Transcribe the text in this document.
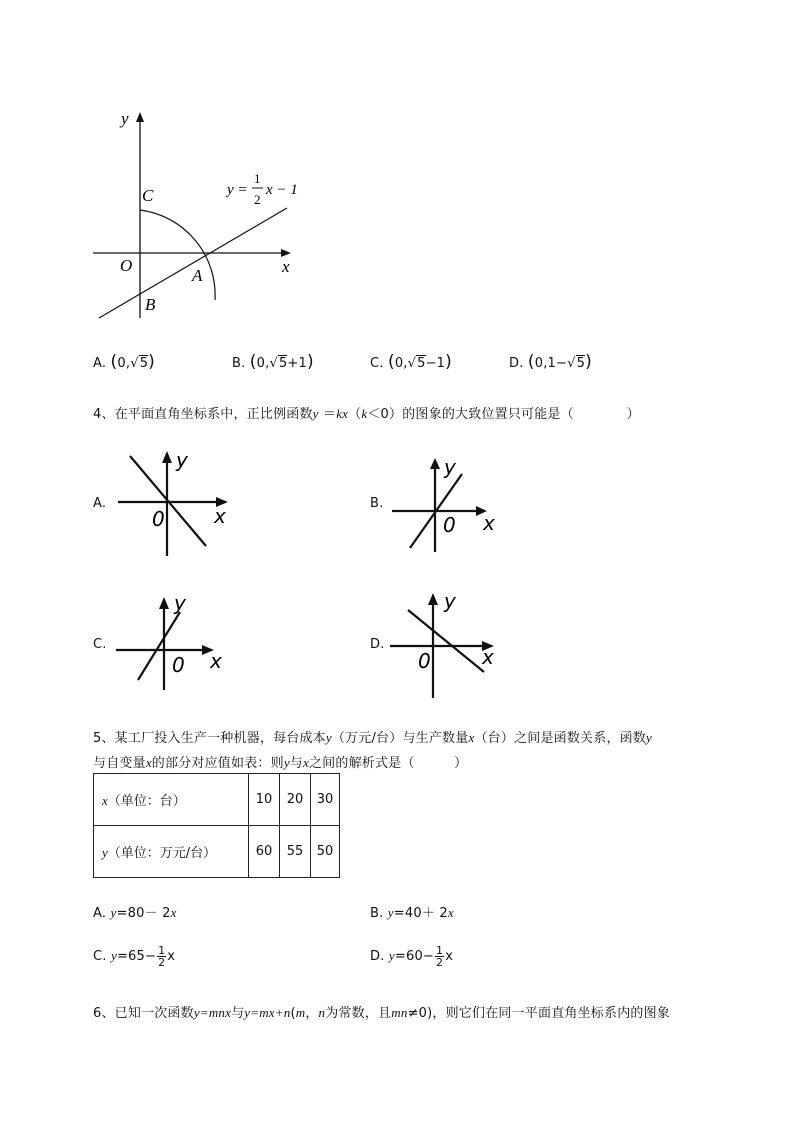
y
x
O
C
A
B
y =
1
2
x − 1
A. (0,√5)	B. (0,√5+1)	C. (0,√5−1)	D. (0,1−√5)
4、在平面直角坐标系中，正比例函数y ＝kx（k＜0）的图象的大致位置只可能是（　　　　）
A.
y
x
0
B.
y
x
0
C.
y
x
0
D.
y
x
0
5、某工厂投入生产一种机器，每台成本y（万元/台）与生产数量x（台）之间是函数关系，函数y
与自变量x的部分对应值如表：则y与x之间的解析式是（　　　）
x（单位：台）	10	20	30
y（单位：万元/台）	60	55	50
A. y=80－ 2x	B. y=40＋ 2x
C. $y=65- \frac{1}{2}$ x	D. $y=60- \frac{1}{2}$ x
6、已知一次函数y=mnx与y=mx+n(m，n为常数，且mn≠0)，则它们在同一平面直角坐标系内的图象
